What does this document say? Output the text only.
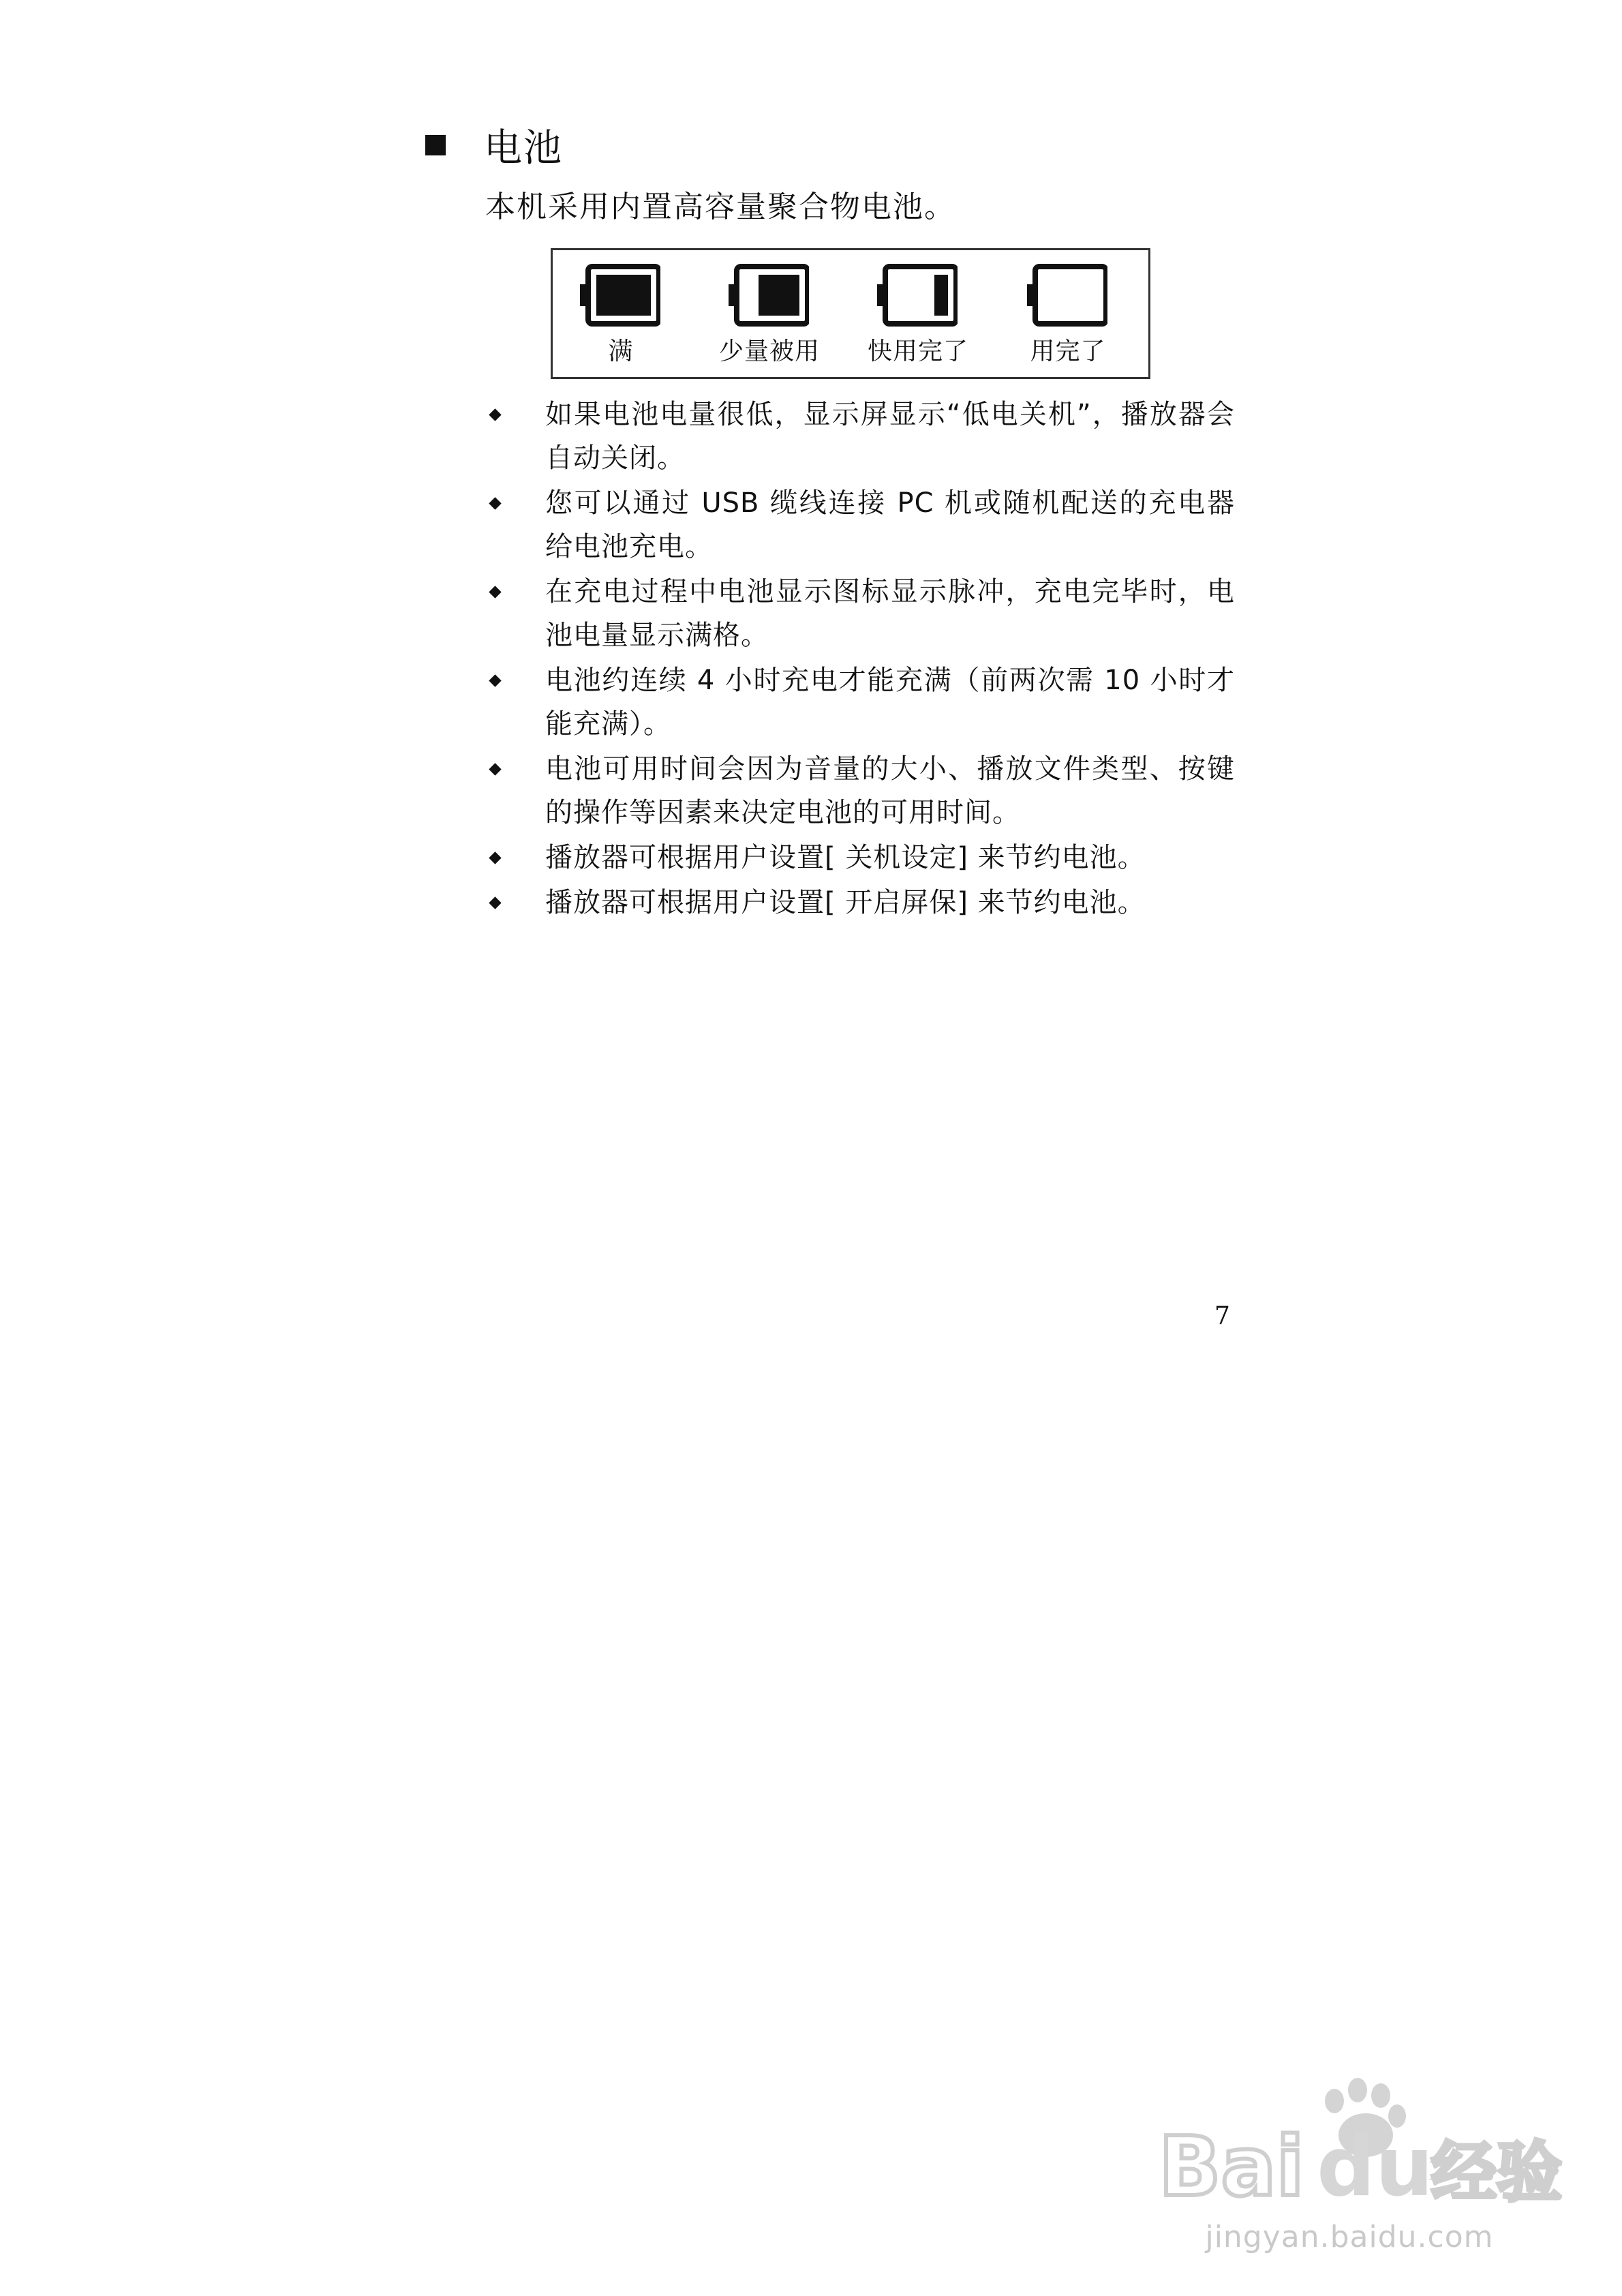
电池
本机采用内置高容量聚合物电池。
满	少量被用	快用完了	用完了
如果电池电量很低，显示屏显示“低电关机”，播放器会自动关闭。
您可以通过 USB 缆线连接 PC 机或随机配送的充电器给电池充电。
在充电过程中电池显示图标显示脉冲，充电完毕时，电池电量显示满格。
电池约连续 4 小时充电才能充满（前两次需 10 小时才能充满）。
电池可用时间会因为音量的大小、播放文件类型、按键的操作等因素来决定电池的可用时间。
播放器可根据用户设置[ 关机设定] 来节约电池。
播放器可根据用户设置[ 开启屏保] 来节约电池。
7
Bai du
经验
jingyan.baidu.com
